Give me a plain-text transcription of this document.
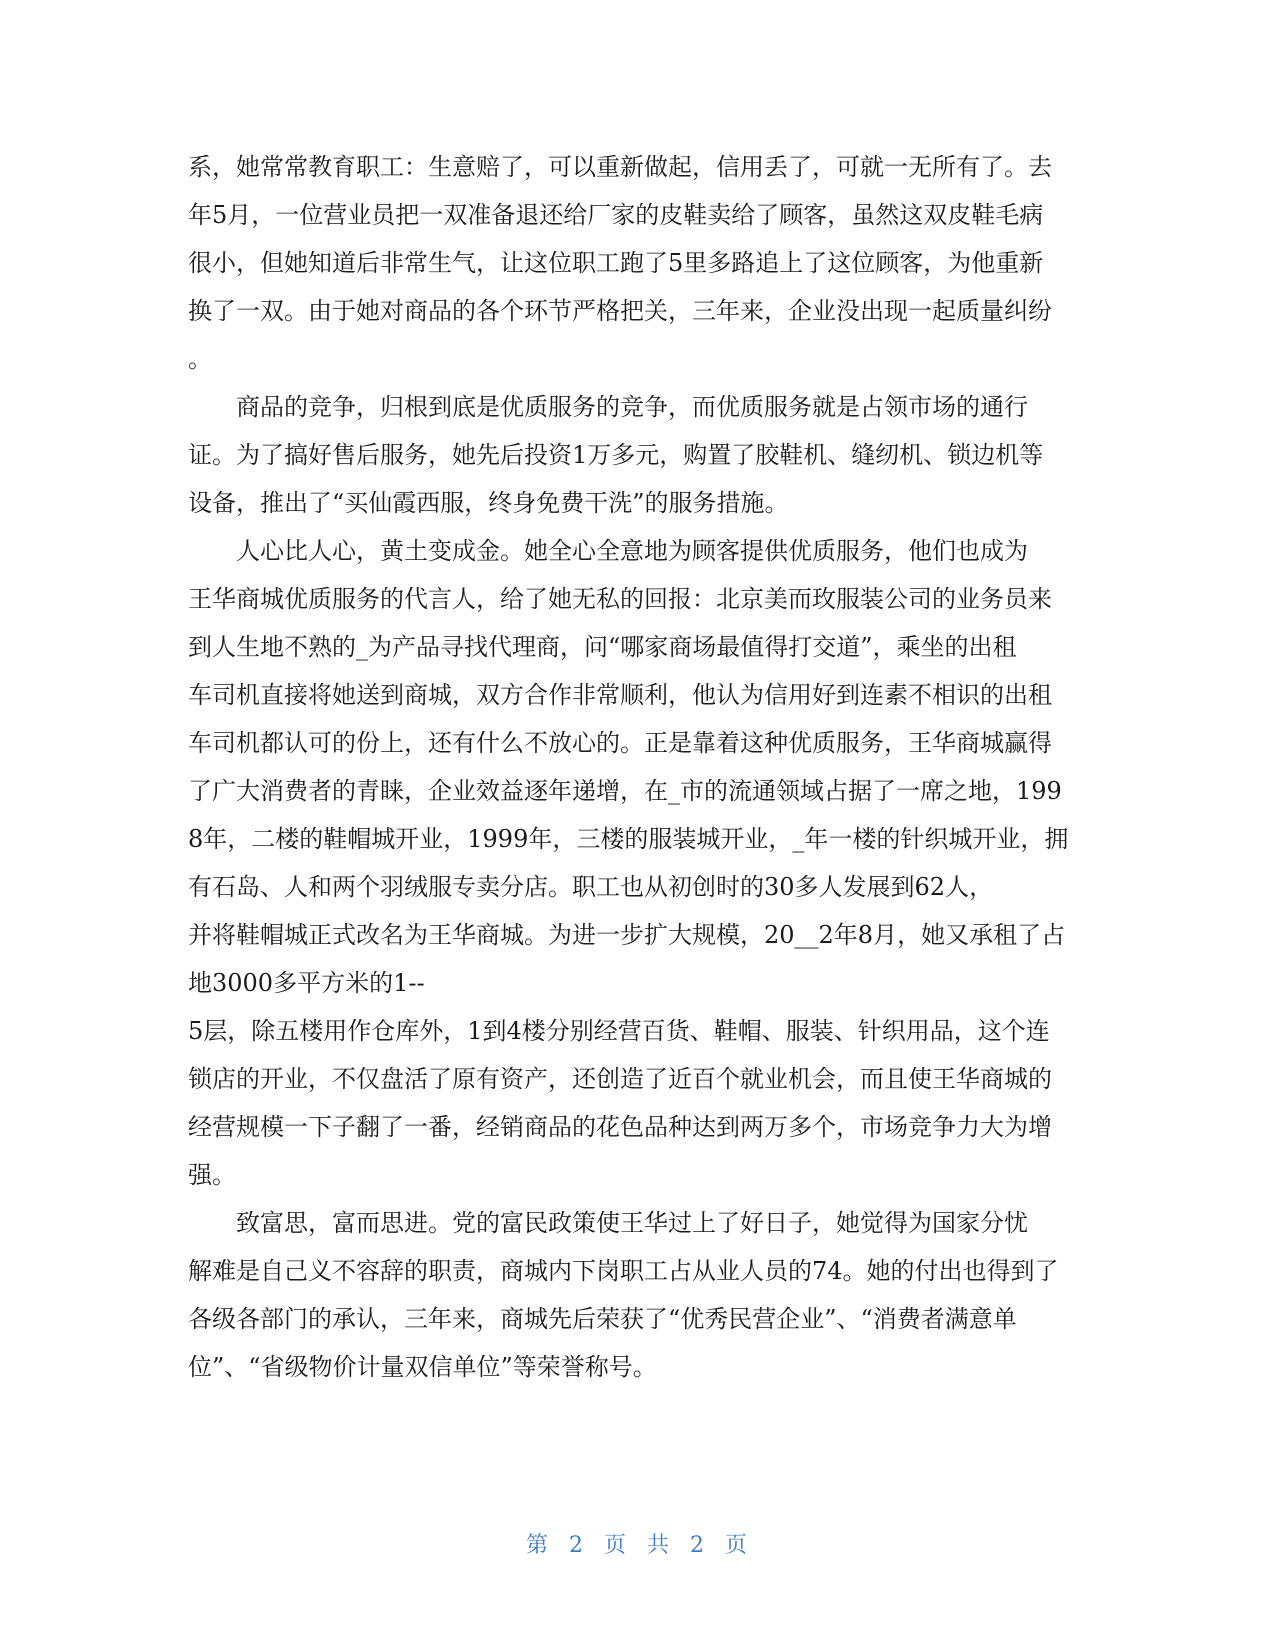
系，她常常教育职工：生意赔了，可以重新做起，信用丢了，可就一无所有了。去
年5月，一位营业员把一双准备退还给厂家的皮鞋卖给了顾客，虽然这双皮鞋毛病
很小，但她知道后非常生气，让这位职工跑了5里多路追上了这位顾客，为他重新
换了一双。由于她对商品的各个环节严格把关，三年来，企业没出现一起质量纠纷
。
　　商品的竞争，归根到底是优质服务的竞争，而优质服务就是占领市场的通行
证。为了搞好售后服务，她先后投资1万多元，购置了胶鞋机、缝纫机、锁边机等
设备，推出了“买仙霞西服，终身免费干洗”的服务措施。
　　人心比人心，黄土变成金。她全心全意地为顾客提供优质服务，他们也成为
王华商城优质服务的代言人，给了她无私的回报：北京美而玫服装公司的业务员来
到人生地不熟的_为产品寻找代理商，问“哪家商场最值得打交道”，乘坐的出租
车司机直接将她送到商城，双方合作非常顺利，他认为信用好到连素不相识的出租
车司机都认可的份上，还有什么不放心的。正是靠着这种优质服务，王华商城赢得
了广大消费者的青睐，企业效益逐年递增，在_市的流通领域占据了一席之地，199
8年，二楼的鞋帽城开业，1999年，三楼的服装城开业，_年一楼的针织城开业，拥
有石岛、人和两个羽绒服专卖分店。职工也从初创时的30多人发展到62人，
并将鞋帽城正式改名为王华商城。为进一步扩大规模，20__2年8月，她又承租了占
地3000多平方米的1--
5层，除五楼用作仓库外，1到4楼分别经营百货、鞋帽、服装、针织用品，这个连
锁店的开业，不仅盘活了原有资产，还创造了近百个就业机会，而且使王华商城的
经营规模一下子翻了一番，经销商品的花色品种达到两万多个，市场竞争力大为增
强。
　　致富思，富而思进。党的富民政策使王华过上了好日子，她觉得为国家分忧
解难是自己义不容辞的职责，商城内下岗职工占从业人员的74。她的付出也得到了
各级各部门的承认，三年来，商城先后荣获了“优秀民营企业”、“消费者满意单
位”、“省级物价计量双信单位”等荣誉称号。
第 2 页 共 2 页
